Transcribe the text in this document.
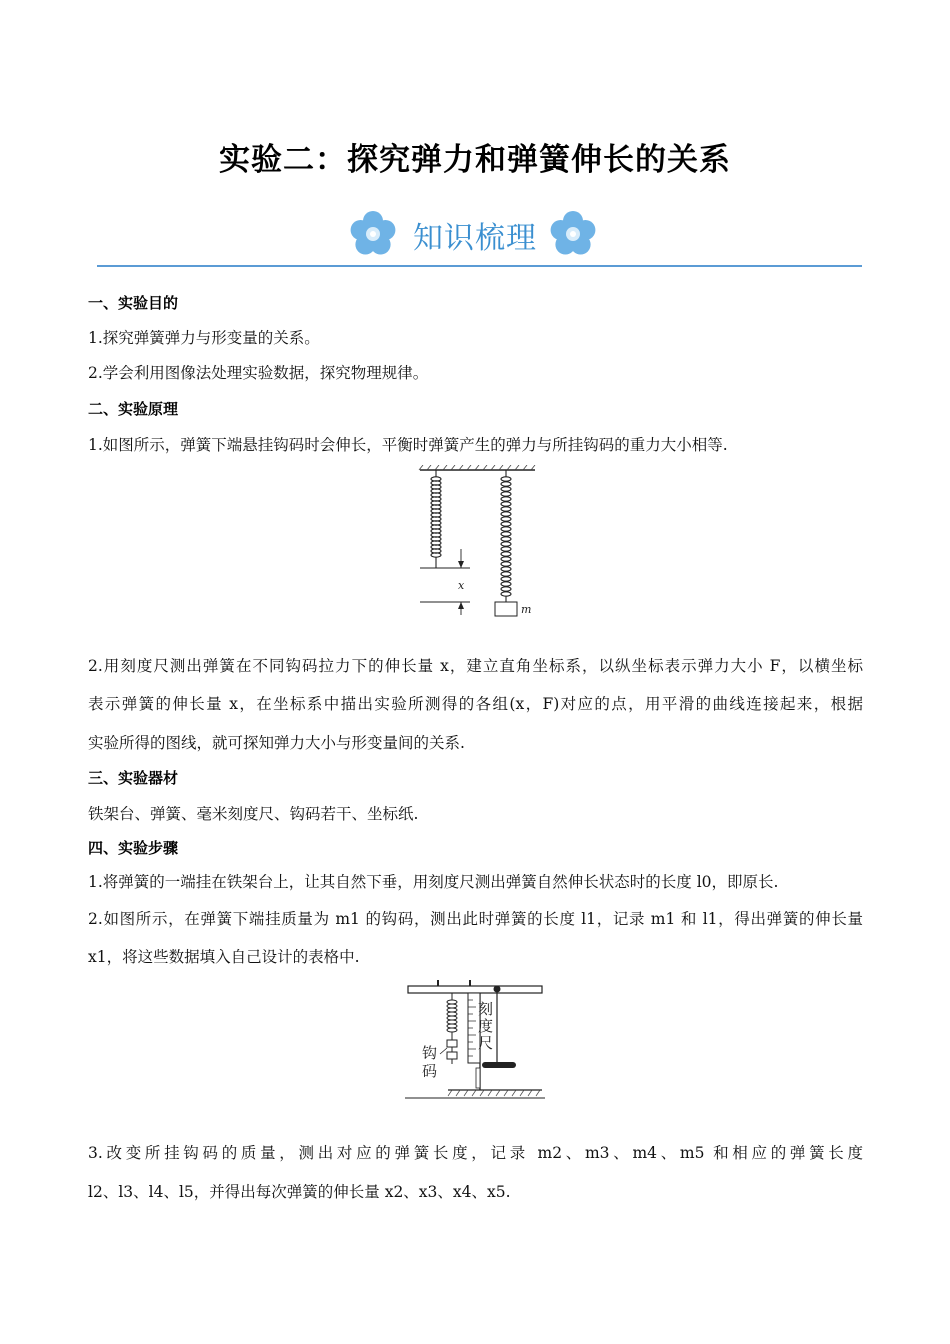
实验二：探究弹力和弹簧伸长的关系
知识梳理
一、实验目的
1.探究弹簧弹力与形变量的关系。
2.学会利用图像法处理实验数据，探究物理规律。
二、实验原理
1.如图所示，弹簧下端悬挂钩码时会伸长，平衡时弹簧产生的弹力与所挂钩码的重力大小相等.
x
m
2.用刻度尺测出弹簧在不同钩码拉力下的伸长量 x，建立直角坐标系，以纵坐标表示弹力大小 F，以横坐标
表示弹簧的伸长量 x，在坐标系中描出实验所测得的各组(x，F)对应的点，用平滑的曲线连接起来，根据
实验所得的图线，就可探知弹力大小与形变量间的关系.
三、实验器材
铁架台、弹簧、毫米刻度尺、钩码若干、坐标纸.
四、实验步骤
1.将弹簧的一端挂在铁架台上，让其自然下垂，用刻度尺测出弹簧自然伸长状态时的长度 l0，即原长.
2.如图所示，在弹簧下端挂质量为 m1 的钩码，测出此时弹簧的长度 l1，记录 m1 和 l1，得出弹簧的伸长量
x1，将这些数据填入自己设计的表格中.
刻
度
尺
钩
码
3.改变所挂钩码的质量，测出对应的弹簧长度，记录 m2、m3、m4、m5 和相应的弹簧长度
l2、l3、l4、l5，并得出每次弹簧的伸长量 x2、x3、x4、x5.
